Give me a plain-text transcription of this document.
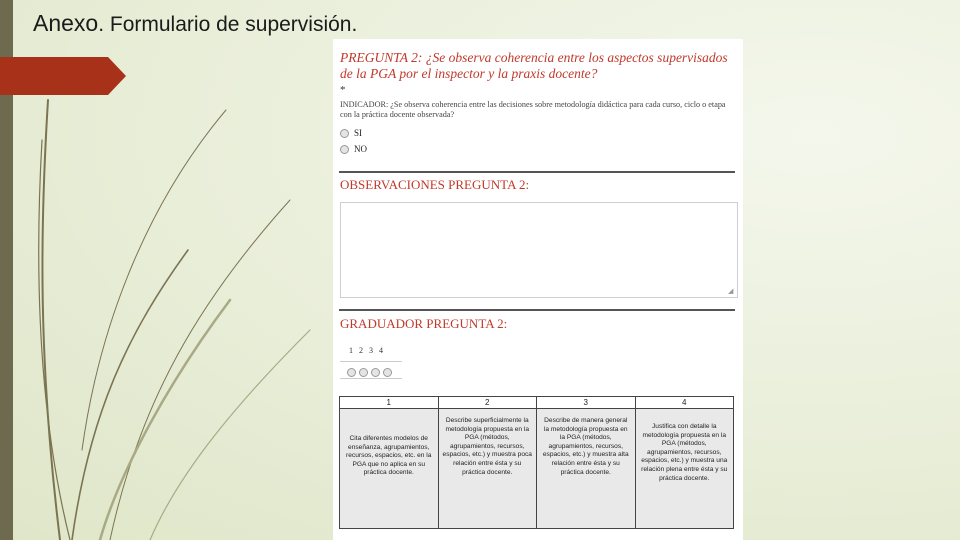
Anexo. Formulario de supervisión.
PREGUNTA 2: ¿Se observa coherencia entre los aspectos supervisados de la PGA por el inspector y la praxis docente?
*
INDICADOR: ¿Se observa coherencia entre las decisiones sobre metodología didáctica para cada curso, ciclo o etapa con la práctica docente observada?
SI
NO
OBSERVACIONES PREGUNTA 2:
◢
GRADUADOR PREGUNTA 2:
1 2 3 4
1	2	3	4
Cita diferentes modelos de enseñanza, agrupamientos, recursos, espacios, etc. en la PGA que no aplica en su práctica docente.	Describe superficialmente la metodología propuesta en la PGA (métodos, agrupamientos, recursos, espacios, etc.) y muestra poca relación entre ésta y su práctica docente.	Describe de manera general la metodología propuesta en la PGA (métodos, agrupamientos, recursos, espacios, etc.) y muestra alta relación entre ésta y su práctica docente.	Justifica con detalle la metodología propuesta en la PGA (métodos, agrupamientos, recursos, espacios, etc.) y muestra una relación plena entre ésta y su práctica docente.
